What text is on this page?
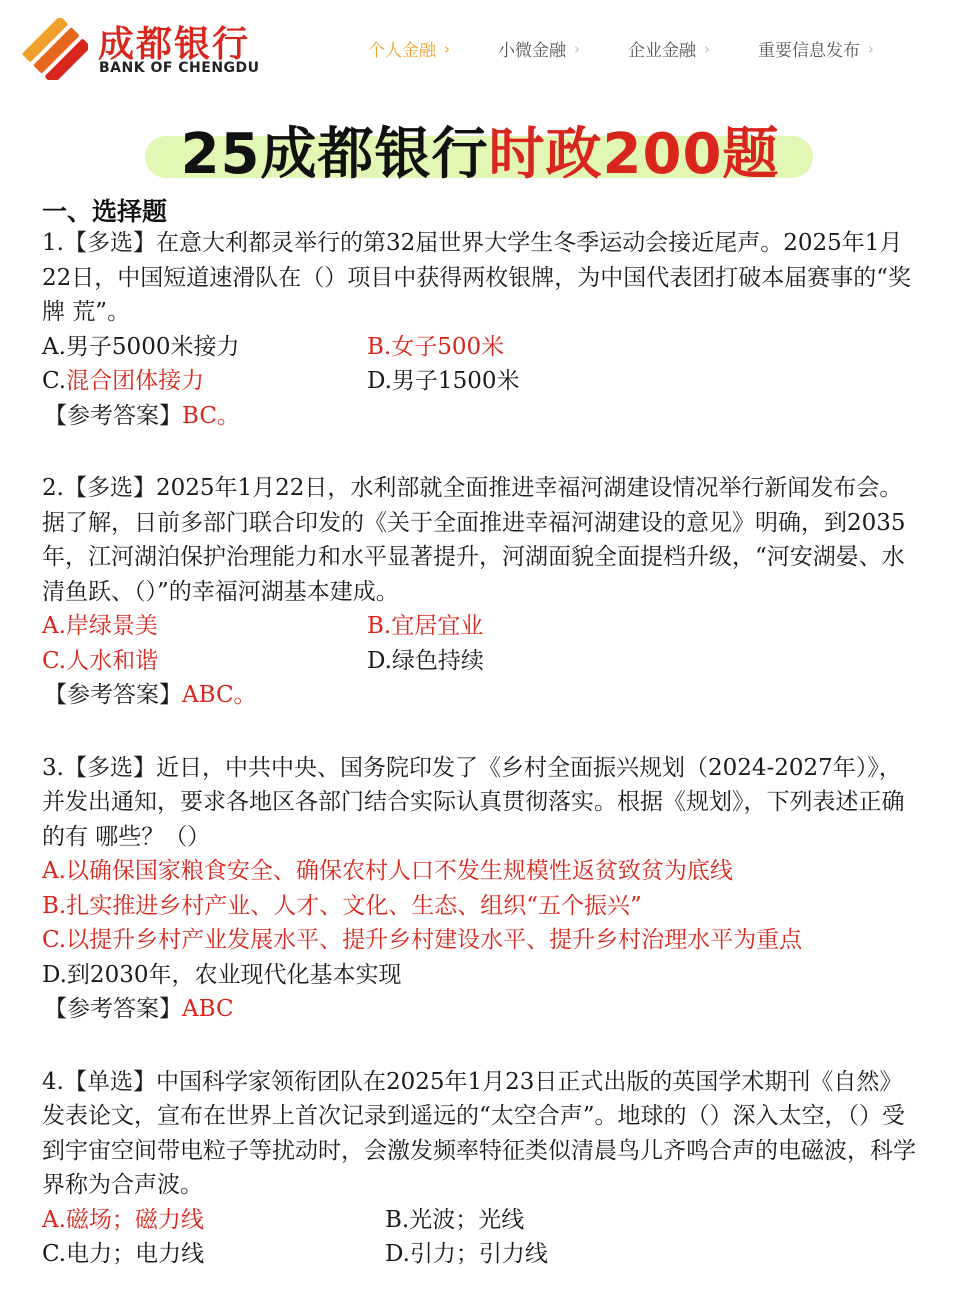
成都银行
BANK OF CHENGDU
个人金融 ›	小微金融 ›	企业金融 ›	重要信息发布 ›
25成都银行时政200题
一、选择题
1.【多选】在意大利都灵举行的第32届世界大学生冬季运动会接近尾声。2025年1月22日，中国短道速滑队在（）项目中获得两枚银牌，为中国代表团打破本届赛事的“奖牌 荒”。
A.男子5000米接力	B.女子500米
C.混合团体接力	D.男子1500米
【参考答案】BC。
2.【多选】2025年1月22日，水利部就全面推进幸福河湖建设情况举行新闻发布会。据了解，日前多部门联合印发的《关于全面推进幸福河湖建设的意见》明确，到2035年，江河湖泊保护治理能力和水平显著提升，河湖面貌全面提档升级，“河安湖晏、水清鱼跃、（）”的幸福河湖基本建成。
A.岸绿景美	B.宜居宜业
C.人水和谐	D.绿色持续
【参考答案】ABC。
3.【多选】近日，中共中央、国务院印发了《乡村全面振兴规划（2024-2027年）》，并发出通知，要求各地区各部门结合实际认真贯彻落实。根据《规划》，下列表述正确的有 哪些？（）
A.以确保国家粮食安全、确保农村人口不发生规模性返贫致贫为底线
B.扎实推进乡村产业、人才、文化、生态、组织“五个振兴”
C.以提升乡村产业发展水平、提升乡村建设水平、提升乡村治理水平为重点
D.到2030年，农业现代化基本实现
【参考答案】ABC
4.【单选】中国科学家领衔团队在2025年1月23日正式出版的英国学术期刊《自然》发表论文，宣布在世界上首次记录到遥远的“太空合声”。地球的（）深入太空，（）受到宇宙空间带电粒子等扰动时，会激发频率特征类似清晨鸟儿齐鸣合声的电磁波，科学界称为合声波。
A.磁场；磁力线	B.光波；光线
C.电力；电力线	D.引力；引力线
